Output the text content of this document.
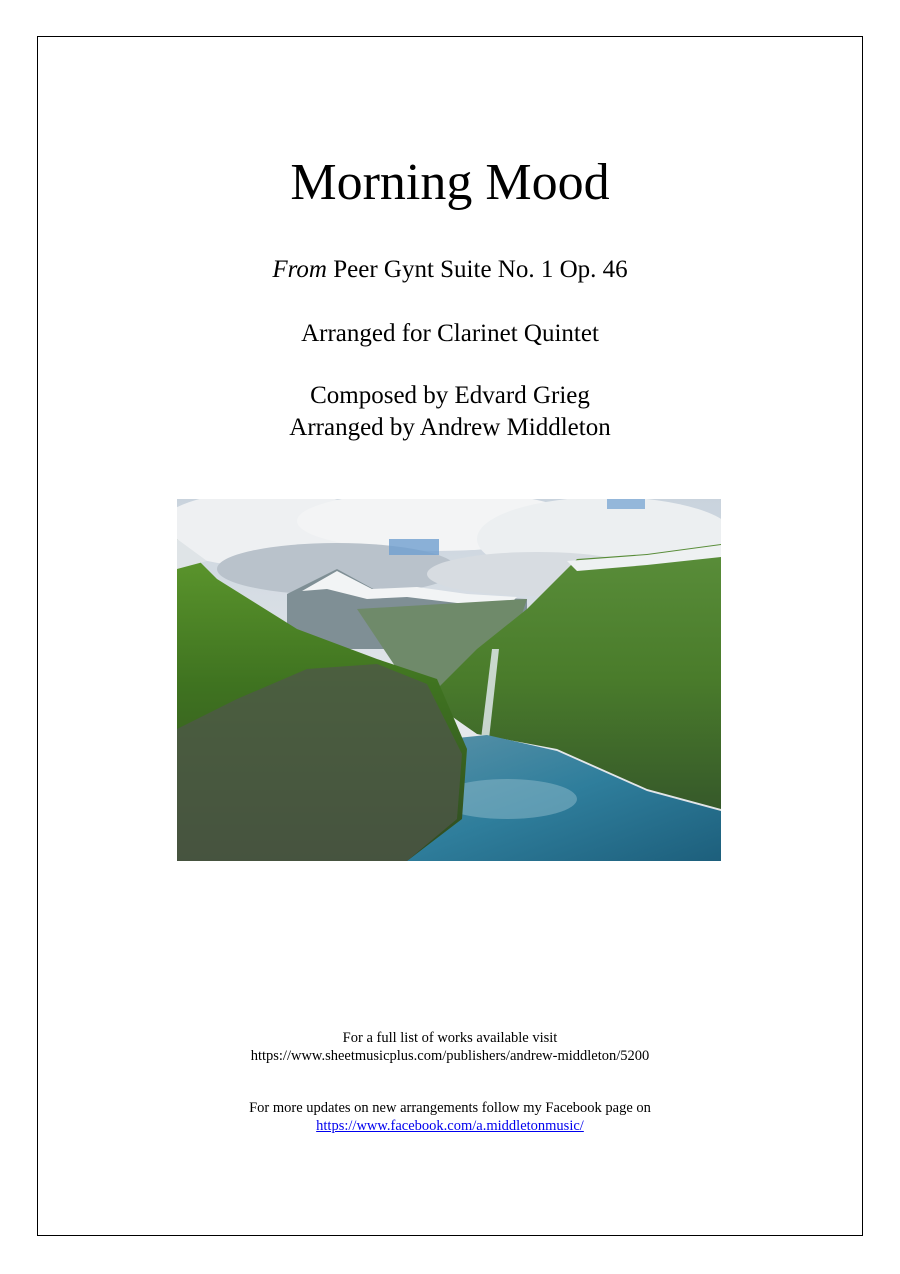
Morning Mood
From Peer Gynt Suite No. 1 Op. 46
Arranged for Clarinet Quintet
Composed by Edvard Grieg
Arranged by Andrew Middleton
For a full list of works available visit
https://www.sheetmusicplus.com/publishers/andrew-middleton/5200
For more updates on new arrangements follow my Facebook page on
https://www.facebook.com/a.middletonmusic/
